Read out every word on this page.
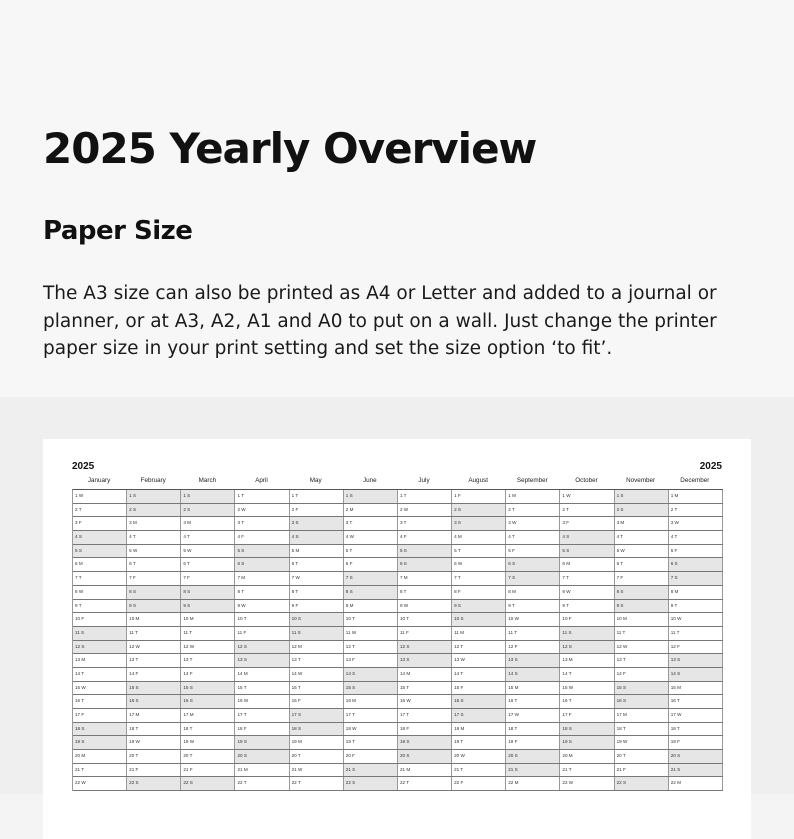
2025 Yearly Overview
Paper Size

The A3 size can also be printed as A4 or Letter and added to a journal or planner, or at A3, A2, A1 and A0 to put on a wall. Just change the printer paper size in your print setting and set the size option ‘to fit’.

2025	2025
January	February	March	April	May	June	July	August	September	October	November	December
1 W	1 S	1 S	1 T	1 T	1 S	1 T	1 F	1 M	1 W	1 S	1 M
2 T	2 S	2 S	2 W	2 F	2 M	2 W	2 S	2 T	2 T	2 S	2 T
3 F	3 M	3 M	3 T	3 S	3 T	3 T	3 S	3 W	3 F	3 M	3 W
4 S	4 T	4 T	4 F	4 S	4 W	4 F	4 M	4 T	4 S	4 T	4 T
5 S	5 W	5 W	5 S	5 M	5 T	5 S	5 T	5 F	5 S	5 W	5 F
6 M	6 T	6 T	6 S	6 T	6 F	6 S	6 W	6 S	6 M	6 T	6 S
7 T	7 F	7 F	7 M	7 W	7 S	7 M	7 T	7 S	7 T	7 F	7 S
8 W	8 S	8 S	8 T	8 T	8 S	8 T	8 F	8 M	8 W	8 S	8 M
9 T	9 S	9 S	9 W	9 F	9 M	9 W	9 S	9 T	9 T	9 S	9 T
10 F	10 M	10 M	10 T	10 S	10 T	10 T	10 S	10 W	10 F	10 M	10 W
11 S	11 T	11 T	11 F	11 S	11 W	11 F	11 M	11 T	11 S	11 T	11 T
12 S	12 W	12 W	12 S	12 M	12 T	12 S	12 T	12 F	12 S	12 W	12 F
13 M	13 T	13 T	13 S	13 T	13 F	13 S	13 W	13 S	13 M	13 T	13 S
14 T	14 F	14 F	14 M	14 W	14 S	14 M	14 T	14 S	14 T	14 F	14 S
15 W	15 S	15 S	15 T	15 T	15 S	15 T	15 F	15 M	15 W	15 S	15 M
16 T	16 S	16 S	16 W	16 F	16 M	16 W	16 S	16 T	16 T	16 S	16 T
17 F	17 M	17 M	17 T	17 S	17 T	17 T	17 S	17 W	17 F	17 M	17 W
18 S	18 T	18 T	18 F	18 S	18 W	18 F	18 M	18 T	18 S	18 T	18 T
19 S	19 W	19 W	19 S	19 M	19 T	19 S	19 T	19 F	19 S	19 W	19 F
20 M	20 T	20 T	20 S	20 T	20 F	20 S	20 W	20 S	20 M	20 T	20 S
21 T	21 F	21 F	21 M	21 W	21 S	21 M	21 T	21 S	21 T	21 F	21 S
22 W	22 S	22 S	22 T	22 T	22 S	22 T	22 F	22 M	22 W	22 S	22 M
